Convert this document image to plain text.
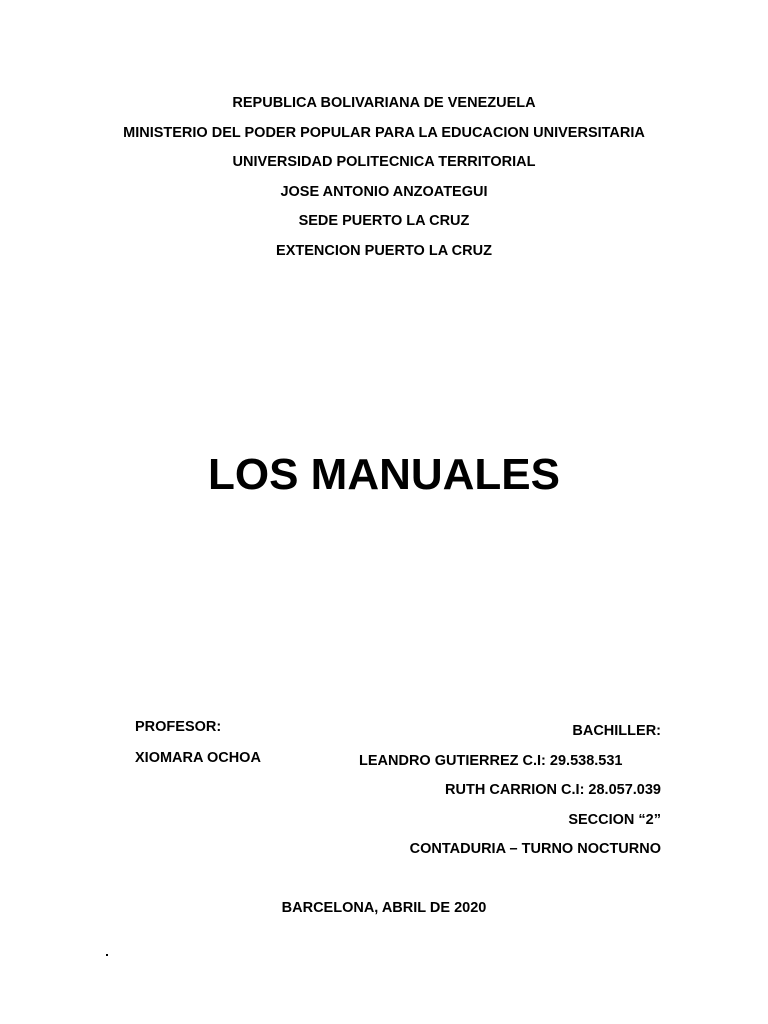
REPUBLICA BOLIVARIANA DE VENEZUELA
MINISTERIO DEL PODER POPULAR PARA LA EDUCACION UNIVERSITARIA
UNIVERSIDAD POLITECNICA TERRITORIAL
JOSE ANTONIO ANZOATEGUI
SEDE PUERTO LA CRUZ
EXTENCION PUERTO LA CRUZ
LOS MANUALES
PROFESOR:
XIOMARA OCHOA
BACHILLER:
LEANDRO GUTIERREZ C.I: 29.538.531
RUTH CARRION C.I: 28.057.039
SECCION “2”
CONTADURIA – TURNO NOCTURNO
BARCELONA, ABRIL DE 2020
